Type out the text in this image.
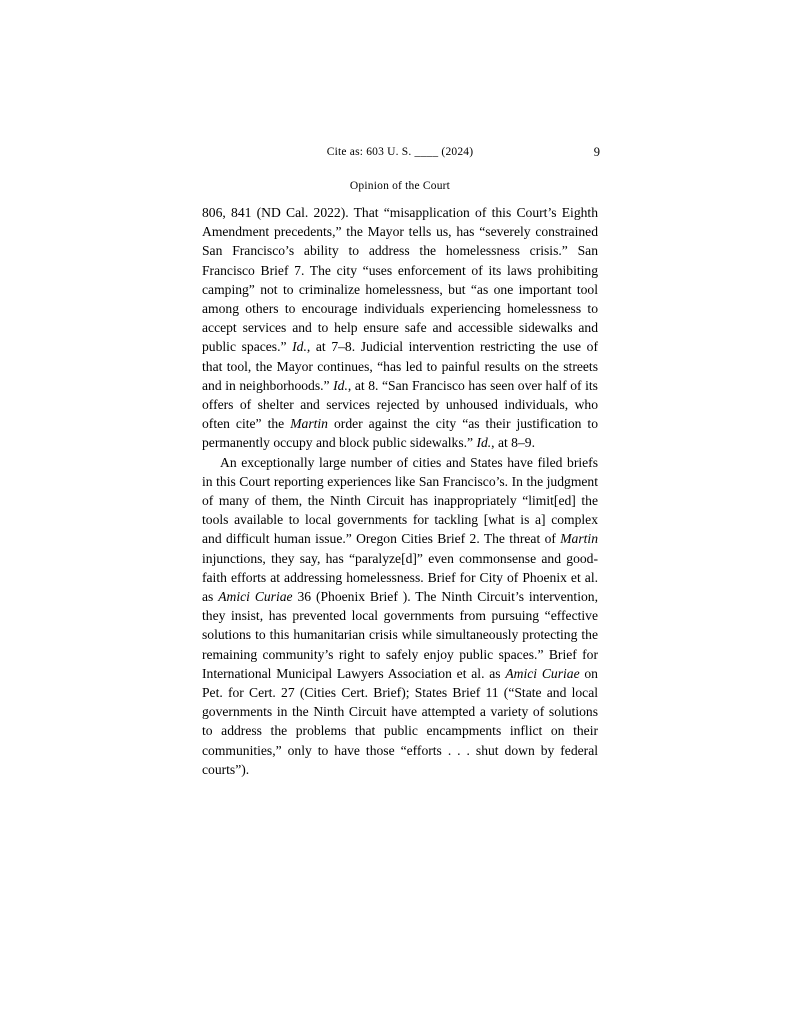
Cite as: 603 U. S. ____ (2024)	9
Opinion of the Court

806, 841 (ND Cal. 2022). That “misapplication of this Court’s Eighth Amendment precedents,” the Mayor tells us, has “severely constrained San Francisco’s ability to address the homelessness crisis.” San Francisco Brief 7. The city “uses enforcement of its laws prohibiting camping” not to criminalize homelessness, but “as one important tool among others to encourage individuals experiencing homelessness to accept services and to help ensure safe and accessible sidewalks and public spaces.” Id., at 7–8. Judicial intervention restricting the use of that tool, the Mayor continues, “has led to painful results on the streets and in neighborhoods.” Id., at 8. “San Francisco has seen over half of its offers of shelter and services rejected by unhoused individuals, who often cite” the Martin order against the city “as their justification to permanently occupy and block public sidewalks.” Id., at 8–9.

An exceptionally large number of cities and States have filed briefs in this Court reporting experiences like San Francisco’s. In the judgment of many of them, the Ninth Circuit has inappropriately “limit[ed] the tools available to local governments for tackling [what is a] complex and difficult human issue.” Oregon Cities Brief 2. The threat of Martin injunctions, they say, has “paralyze[d]” even commonsense and good-faith efforts at addressing homelessness. Brief for City of Phoenix et al. as Amici Curiae 36 (Phoenix Brief ). The Ninth Circuit’s intervention, they insist, has prevented local governments from pursuing “effective solutions to this humanitarian crisis while simultaneously protecting the remaining community’s right to safely enjoy public spaces.” Brief for International Municipal Lawyers Association et al. as Amici Curiae on Pet. for Cert. 27 (Cities Cert. Brief); States Brief 11 (“State and local governments in the Ninth Circuit have attempted a variety of solutions to address the problems that public encampments inflict on their communities,” only to have those “efforts . . . shut down by federal courts”).
